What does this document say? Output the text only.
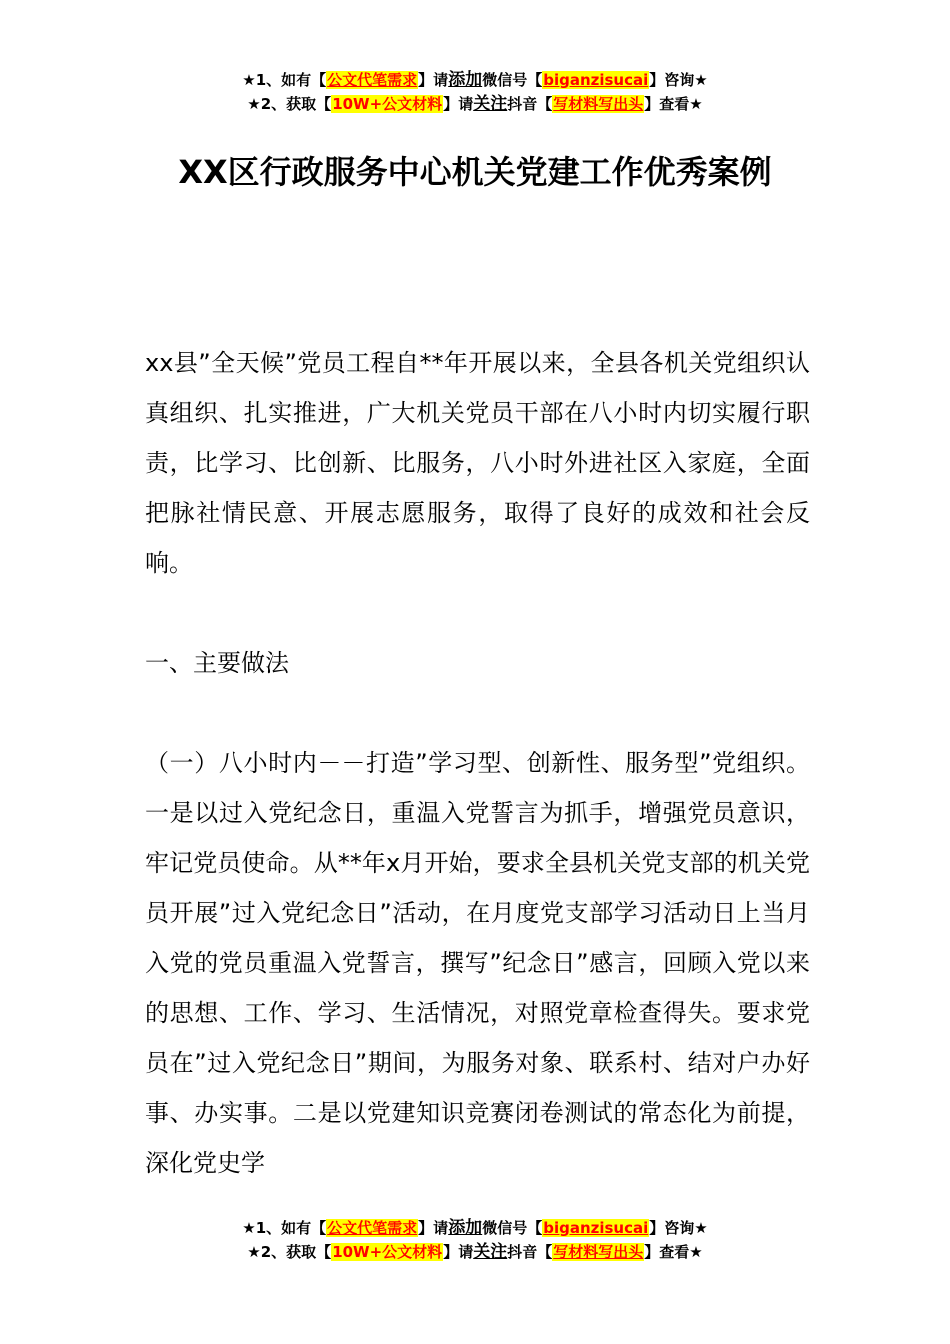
★1、如有【公文代笔需求】请添加微信号【biganzisucai】咨询★
★2、获取【10W+公文材料】请关注抖音【写材料写出头】查看★
XX区行政服务中心机关党建工作优秀案例

xx县”全天候”党员工程自**年开展以来，全县各机关党组织认真组织、扎实推进，广大机关党员干部在八小时内切实履行职责，比学习、比创新、比服务，八小时外进社区入家庭，全面把脉社情民意、开展志愿服务，取得了良好的成效和社会反响。

一、主要做法

（一）八小时内－－打造”学习型、创新性、服务型”党组织。一是以过入党纪念日，重温入党誓言为抓手，增强党员意识，牢记党员使命。从**年x月开始，要求全县机关党支部的机关党员开展”过入党纪念日”活动，在月度党支部学习活动日上当月入党的党员重温入党誓言，撰写”纪念日”感言，回顾入党以来的思想、工作、学习、生活情况，对照党章检查得失。要求党员在”过入党纪念日”期间，为服务对象、联系村、结对户办好事、办实事。二是以党建知识竞赛闭卷测试的常态化为前提，深化党史学

★1、如有【公文代笔需求】请添加微信号【biganzisucai】咨询★
★2、获取【10W+公文材料】请关注抖音【写材料写出头】查看★
